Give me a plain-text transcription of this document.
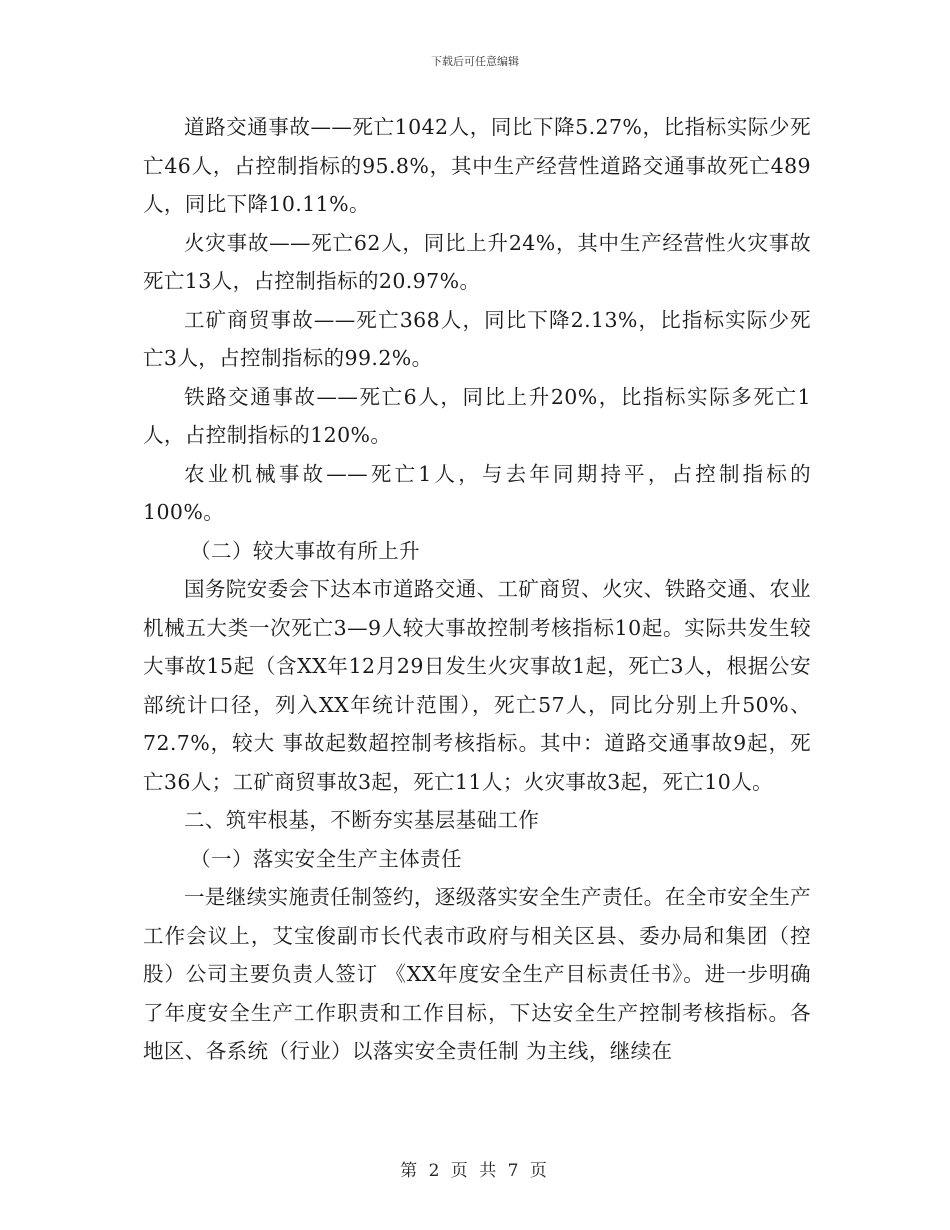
下载后可任意编辑

道路交通事故——死亡1042人，同比下降5.27%，比指标实际少死亡46人，占控制指标的95.8%，其中生产经营性道路交通事故死亡489人，同比下降10.11%。

火灾事故——死亡62人，同比上升24%，其中生产经营性火灾事故死亡13人，占控制指标的20.97%。

工矿商贸事故——死亡368人，同比下降2.13%，比指标实际少死亡3人，占控制指标的99.2%。

铁路交通事故——死亡6人，同比上升20%，比指标实际多死亡1人，占控制指标的120%。

农业机械事故——死亡1人，与去年同期持平，占控制指标的100%。

（二）较大事故有所上升

国务院安委会下达本市道路交通、工矿商贸、火灾、铁路交通、农业机械五大类一次死亡3—9人较大事故控制考核指标10起。实际共发生较大事故15起（含XX年12月29日发生火灾事故1起，死亡3人，根据公安部统计口径，列入XX年统计范围），死亡57人，同比分别上升50%、72.7%，较大 事故起数超控制考核指标。其中：道路交通事故9起，死亡36人；工矿商贸事故3起，死亡11人；火灾事故3起，死亡10人。

二、筑牢根基，不断夯实基层基础工作

（一）落实安全生产主体责任

一是继续实施责任制签约，逐级落实安全生产责任。在全市安全生产工作会议上，艾宝俊副市长代表市政府与相关区县、委办局和集团（控股）公司主要负责人签订 《XX年度安全生产目标责任书》。进一步明确了年度安全生产工作职责和工作目标，下达安全生产控制考核指标。各地区、各系统（行业）以落实安全责任制 为主线，继续在

第 2 页 共 7 页
